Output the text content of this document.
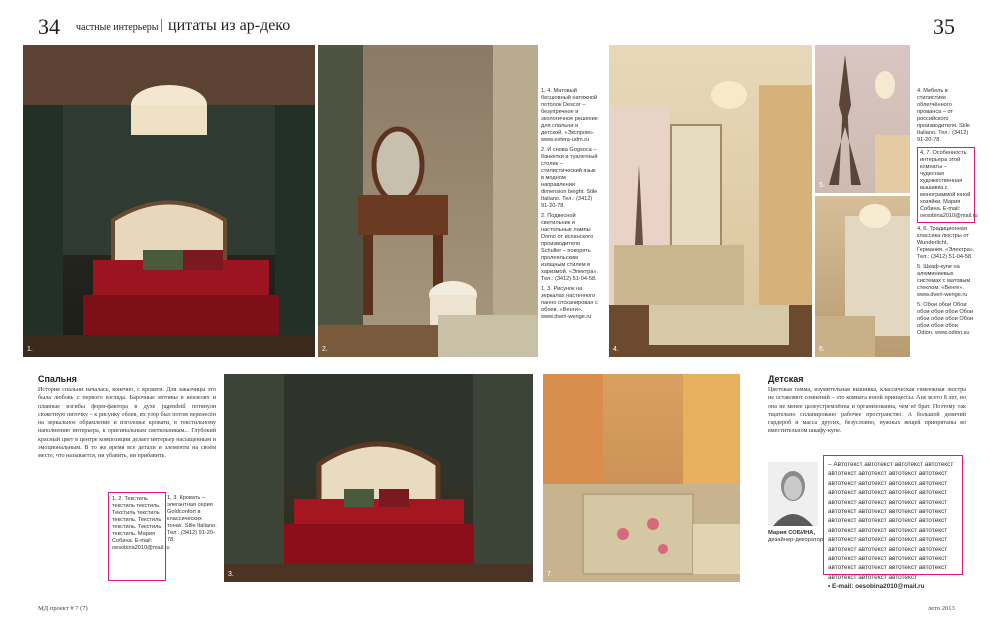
34 частные интерьеры | цитаты из ар-деко	35
1.	2.

1, 4. Матовый бесшовный натяжной потолок Descor – безупречное и экологичное решение для спальни и детской. «Экспром». www.extera-udm.ru

2. И снова Gogsoca – банкетки и туалетный столик – стилистический язык в модном направлении dimension beight. Stile Italiano. Тел.: (3412) 91-20-78.

2. Подвесной светильник и настольные лампы Domo от испанского производителя Schuller – покорять пролеяльским изящным стилем в харизмой. «Электра». Тел.: (3412) 51-04-58.

1, 3. Рисунок на зеркалах настенного панно отсканирован с обоев. «Венги». www.dveri-wenge.ru

4.
5.
6.

4. Мебель в стилистике облегчённого прованса – от российского производителя. Stile Italiano. Тел.: (3412) 91-20-78.

4, 7. Особенность интерьера этой комнаты – чудесная художественная вышивка с монограммой юной хозяйки. Мария Собина. E-mail: oesobina2010@mail.ru

4, 6. Традиционная классика люстры от Wunderlicht, Германия. «Электра». Тел.: (3412) 51-04-58.

5. Шкаф-купе на алюминиевых системах с матовым стеклом. «Венге». www.dveri-wenge.ru

5. Обои обои Обои обои обои обои Обои обои обои обои Обои обои обои обои. Odion. www.odion.su

Спальня
История спальни началась, конечно, с кровати. Для заказчицы это была любовь с первого взгляда. Барочные мотивы в вензелях и плавные изгибы форм-фактора в духе jugendstil потянули сюжетную ниточку – к рисунку обоев, их узор был потом перенесён на зеркальное обрамление и изголовье кровати, в текстильному наполнению интерьера, к оригинальным светильникам... Глубокий красный цвет в центре композиции делает интерьер насыщенным и эмоциональным. В то же время все детали и элементы на своём месте, что называется, ни убавить, ни прибавить.
1, 2. Текстиль текстиль текстиль. Текстиль текстиль текстиль. Текстиль текстиль. Текстиль текстиль. Мария Собина. E-mail: oesobina2010@mail.ru
1, 3. Кровать – элегантная серия Goldconfort в классических тонах. Stile Italiano. Тел.: (3412) 91-20-78.
3.	7.
Детская
Цветовая гамма, изумительная вышивка, классическая гемеежная люстра не оставляют сомнений – это комната юной принцессы. Ане всего 8 лет, но она не менее целеустремлённа и организованна, чем её брат. Поэтому так тщательно спланировано рабочее пространство. А большой девичий гардероб и масса других, безусловно, нужных вещей припрятаны во вместительном шкафу-купе.
Мария СОБИНА,
дизайнер-декоратор
– Автотекст автотекст автотекст автотекст автотекст автотекст автотекст автотекст автотекст автотекст автотекст автотекст автотекст автотекст автотекст автотекст автотекст автотекст автотекст автотекст автотекст автотекст автотекст автотекст автотекст автотекст автотекст автотекст автотекст автотекст автотекст автотекст автотекст автотекст автотекст автотекст автотекст автотекст автотекст автотекст автотекст автотекст автотекст автотекст автотекст автотекст автотекст автотекст автотекст автотекст автотекст
• E-mail: oesobina2010@mail.ru
МД проект # 7 (7)	лето 2013
